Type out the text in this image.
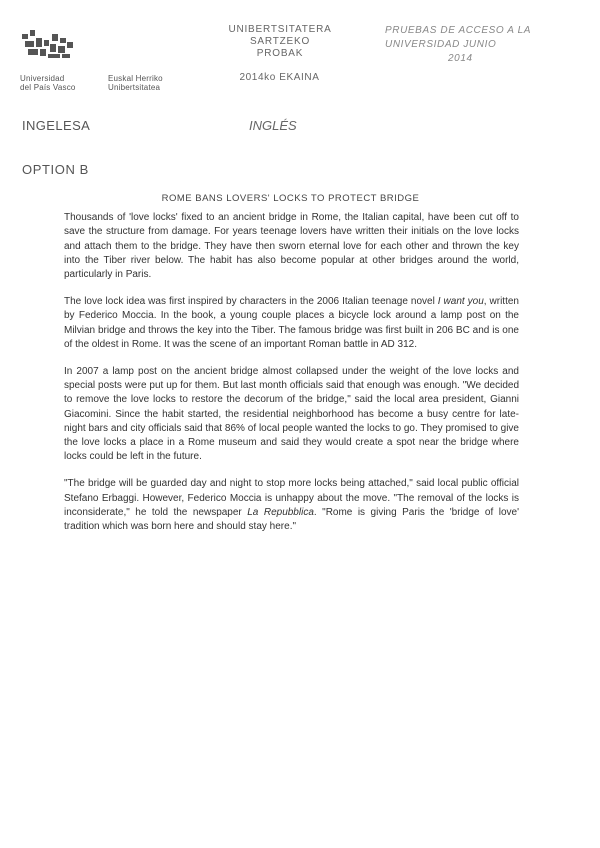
Universidad
del País Vasco
Euskal Herriko
Unibertsitatea
UNIBERTSITATERA
SARTZEKO
PROBAK
2014ko EKAINA
PRUEBAS DE ACCESO A LA
UNIVERSIDAD JUNIO
2014
INGELESA	INGLÉS
OPTION B
ROME BANS LOVERS' LOCKS TO PROTECT BRIDGE

Thousands of 'love locks' fixed to an ancient bridge in Rome, the Italian capital, have been cut off to save the structure from damage. For years teenage lovers have written their initials on the love locks and attach them to the bridge. They have then sworn eternal love for each other and thrown the key into the Tiber river below. The habit has also become popular at other bridges around the world, particularly in Paris.

The love lock idea was first inspired by characters in the 2006 Italian teenage novel I want you, written by Federico Moccia. In the book, a young couple places a bicycle lock around a lamp post on the Milvian bridge and throws the key into the Tiber. The famous bridge was first built in 206 BC and is one of the oldest in Rome. It was the scene of an important Roman battle in AD 312.

In 2007 a lamp post on the ancient bridge almost collapsed under the weight of the love locks and special posts were put up for them. But last month officials said that enough was enough. "We decided to remove the love locks to restore the decorum of the bridge," said the local area president, Gianni Giacomini. Since the habit started, the residential neighborhood has become a busy centre for late-night bars and city officials said that 86% of local people wanted the locks to go. They promised to give the love locks a place in a Rome museum and said they would create a spot near the bridge where locks could be left in the future.

"The bridge will be guarded day and night to stop more locks being attached," said local public official Stefano Erbaggi. However, Federico Moccia is unhappy about the move. "The removal of the locks is inconsiderate," he told the newspaper La Repubblica. "Rome is giving Paris the 'bridge of love' tradition which was born here and should stay here."
